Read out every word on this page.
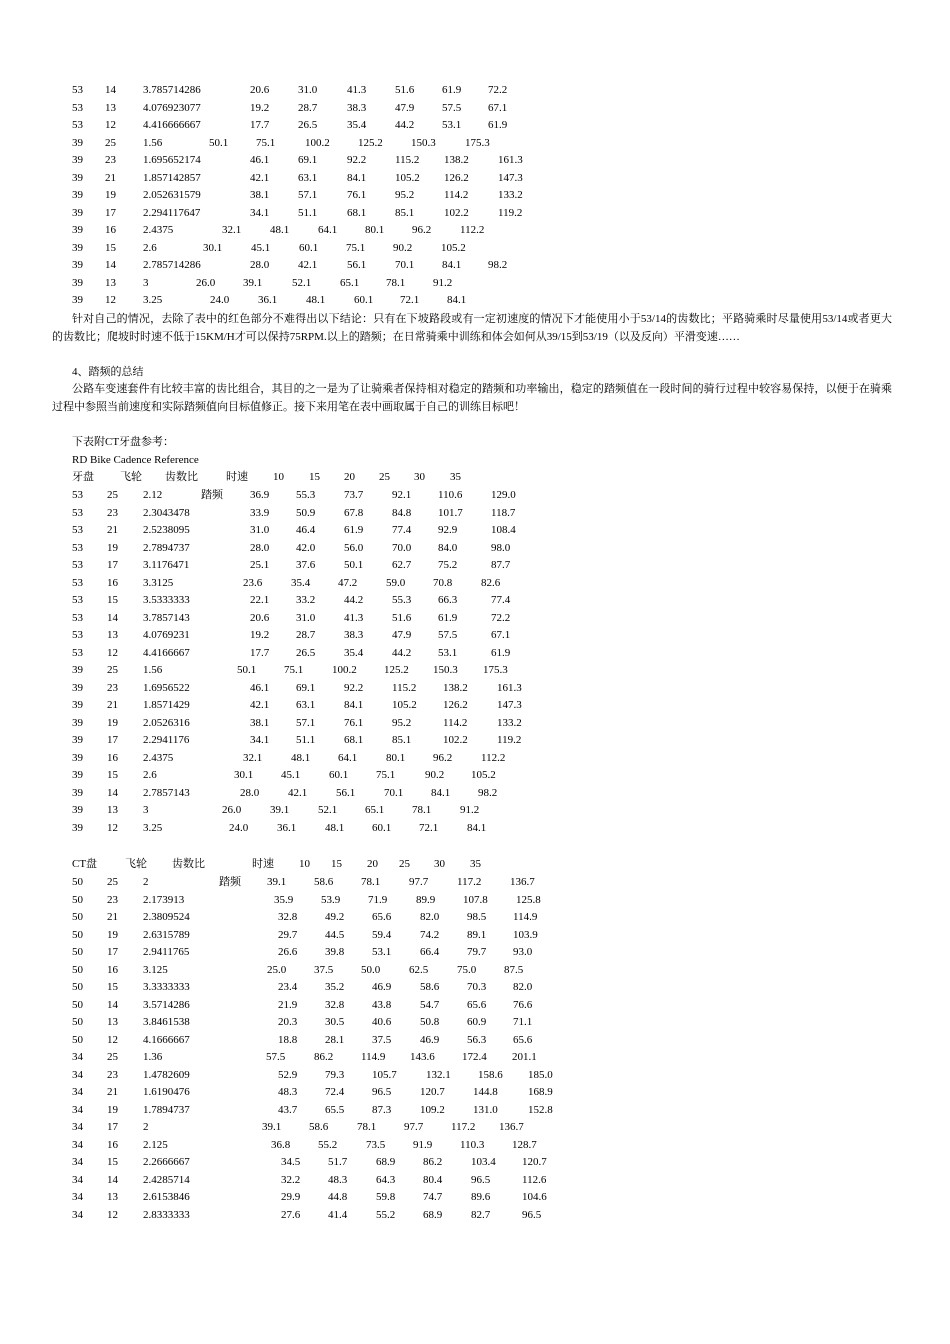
53 14 3.785714286	20.6	31.0	41.3	51.6	61.9 72.2
53 13 4.076923077	19.2	28.7	38.3	47.9	57.5 67.1
53 12 4.416666667	17.7	26.5	35.4	44.2	53.1 61.9
39 25 1.56	50.1	75.1	100.2	125.2	150.3	175.3
39 23 1.695652174	46.1	69.1	92.2	115.2 138.2	161.3
39 21 1.857142857	42.1	63.1	84.1	105.2 126.2	147.3
39 19 2.052631579	38.1	57.1	76.1	95.2	114.2	133.2
39 17 2.294117647	34.1	51.1	68.1	85.1	102.2	119.2
39 16 2.4375	32.1	48.1	64.1	80.1	96.2	112.2
39 15 2.6	30.1	45.1	60.1	75.1	90.2	105.2
39 14 2.785714286	28.0	42.1	56.1	70.1	84.1 98.2
39 13 3	26.0	39.1	52.1	65.1 78.1	91.2
39 12 3.25	24.0	36.1	48.1	60.1 72.1	84.1
针对自己的情况，去除了表中的红色部分不难得出以下结论：只有在下坡路段或有一定初速度的情况下才能使用小于53/14的齿数比；平路骑乘时尽量使用53/14或者更大的齿数比；爬坡时时速不低于15KM/H才可以保持75RPM.以上的踏频；在日常骑乘中训练和体会如何从39/15到53/19（以及反向）平滑变速……
4、踏频的总结
公路车变速套件有比较丰富的齿比组合，其目的之一是为了让骑乘者保持相对稳定的踏频和功率输出，稳定的踏频值在一段时间的骑行过程中较容易保持，以便于在骑乘过程中参照当前速度和实际踏频值向目标值修正。接下来用笔在表中画取属于自己的训练目标吧！
下表附CT牙盘参考：
RD Bike Cadence Reference
牙盘 飞轮 齿数比	时速 10 15 20 25 30 35
53 25 2.12	踏频 36.9 55.3	73.7	92.1 110.6	129.0
53 23 2.3043478	33.9 50.9	67.8	84.8 101.7	118.7
53 21 2.5238095	31.0 46.4	61.9	77.4 92.9	108.4
53 19 2.7894737	28.0 42.0	56.0	70.0 84.0	98.0
53 17 3.1176471	25.1 37.6	50.1	62.7 75.2	87.7
53 16 3.3125	23.6	35.4	47.2	59.0	70.8	82.6
53 15 3.5333333	22.1 33.2	44.2	55.3 66.3	77.4
53 14 3.7857143	20.6 31.0	41.3	51.6 61.9	72.2
53 13 4.0769231	19.2 28.7	38.3	47.9 57.5	67.1
53 12 4.4166667	17.7 26.5	35.4	44.2 53.1	61.9
39 25 1.56	50.1	75.1	100.2 125.2 150.3 175.3
39 23 1.6956522	46.1 69.1	92.2	115.2 138.2	161.3
39 21 1.8571429	42.1 63.1	84.1	105.2 126.2	147.3
39 19 2.0526316	38.1 57.1	76.1	95.2	114.2	133.2
39 17 2.2941176	34.1 51.1	68.1	85.1	102.2	119.2
39 16 2.4375	32.1	48.1	64.1	80.1	96.2	112.2
39 15 2.6	30.1	45.1	60.1	75.1	90.2 105.2
39 14 2.7857143	28.0	42.1	56.1	70.1	84.1	98.2
39 13 3	26.0	39.1	52.1	65.1	78.1	91.2
39 12 3.25	24.0	36.1	48.1	60.1	72.1	84.1
CT盘	飞轮 齿数比	时速 10 15 20 25 30 35
50 25 2	踏频 39.1	58.6	78.1	97.7	117.2	136.7
50 23 2.173913	35.9	53.9	71.9	89.9	107.8	125.8
50 21 2.3809524	32.8	49.2	65.6	82.0	98.5 114.9
50 19 2.6315789	29.7	44.5	59.4	74.2	89.1 103.9
50 17 2.9411765	26.6	39.8	53.1	66.4	79.7 93.0
50 16 3.125	25.0	37.5	50.0	62.5	75.0	87.5
50 15 3.3333333	23.4	35.2	46.9	58.6	70.3 82.0
50 14 3.5714286	21.9	32.8	43.8	54.7	65.6 76.6
50 13 3.8461538	20.3	30.5	40.6	50.8	60.9 71.1
50 12 4.1666667	18.8	28.1	37.5	46.9	56.3 65.6
34 25 1.36	57.5	86.2	114.9 143.6 172.4 201.1
34 23 1.4782609	52.9	79.3	105.7	132.1 158.6 185.0
34 21 1.6190476	48.3	72.4	96.5	120.7	144.8	168.9
34 19 1.7894737	43.7	65.5	87.3	109.2	131.0	152.8
34 17 2	39.1	58.6	78.1	97.7	117.2 136.7
34 16 2.125	36.8	55.2	73.5	91.9	110.3	128.7
34 15 2.2666667	34.5	51.7	68.9	86.2	103.4 120.7
34 14 2.4285714	32.2	48.3	64.3	80.4	96.5	112.6
34 13 2.6153846	29.9	44.8	59.8	74.7	89.6	104.6
34 12 2.8333333	27.6	41.4	55.2	68.9	82.7	96.5
